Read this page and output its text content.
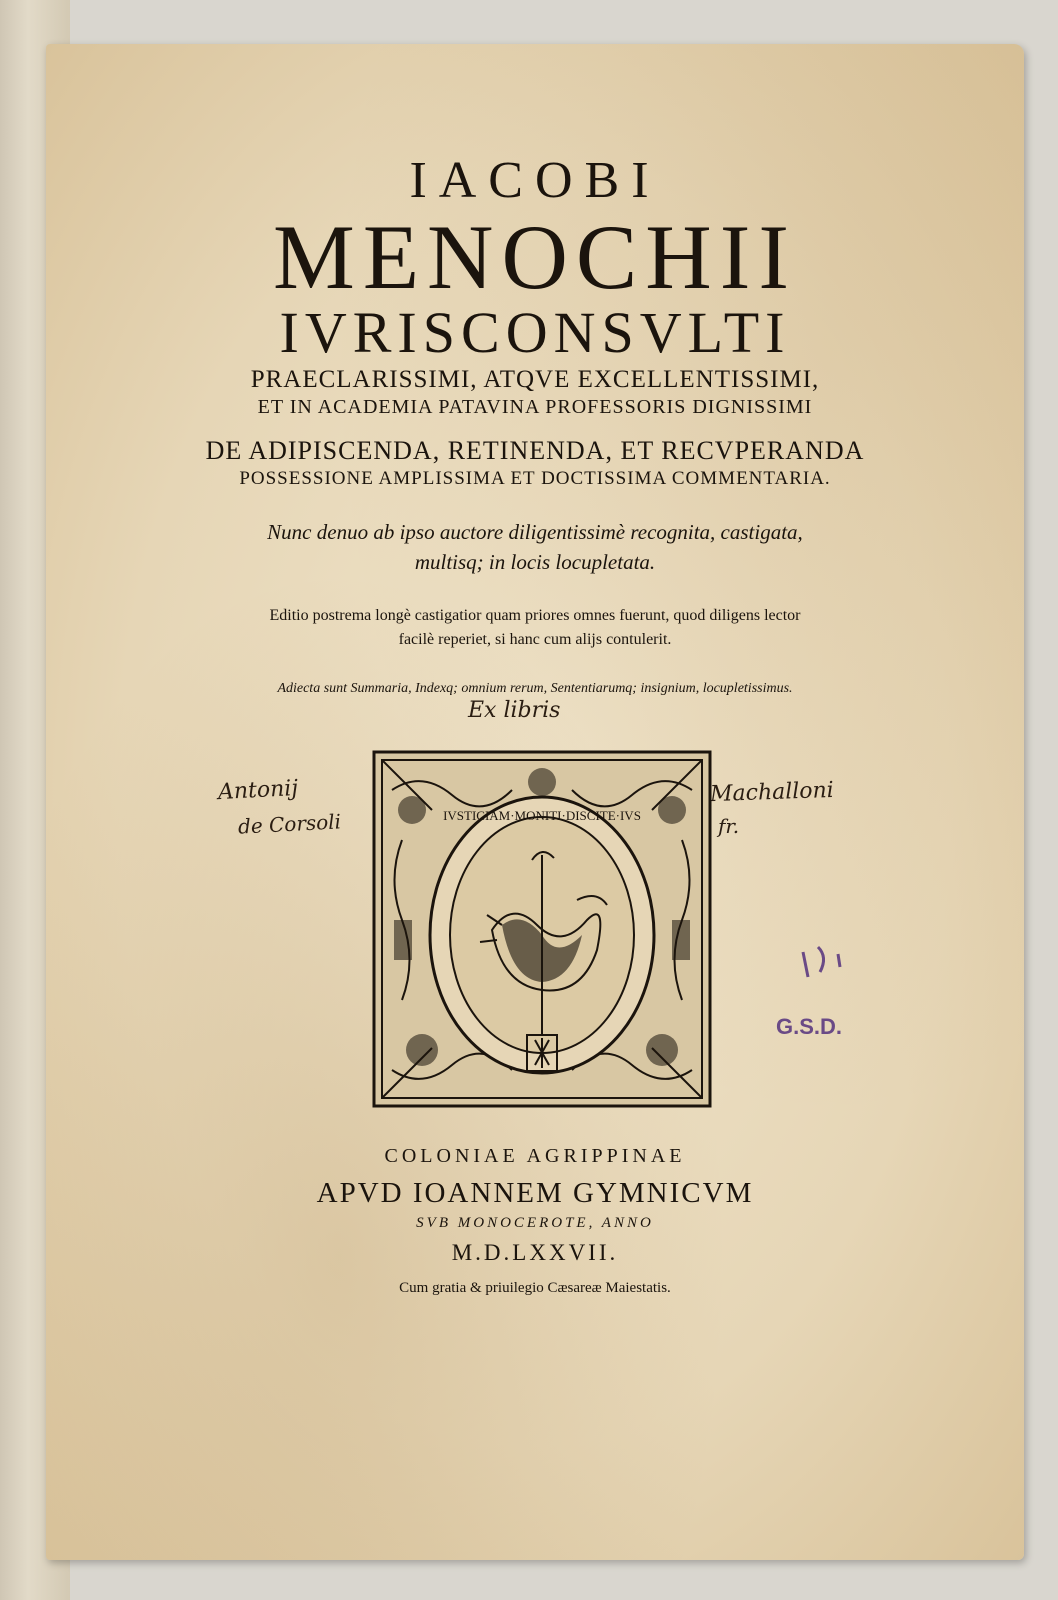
IACOBI
MENOCHII
IVRISCONSVLTI
PRAECLARISSIMI, ATQVE EXCELLENTISSIMI,
ET IN ACADEMIA PATAVINA PROFESSORIS DIGNISSIMI
DE ADIPISCENDA, RETINENDA, ET RECVPERANDA
POSSESSIONE AMPLISSIMA ET DOCTISSIMA COMMENTARIA.
Nunc denuo ab ipso auctore diligentissimè recognita, castigata,
multisq; in locis locupletata.
Editio postrema longè castigatior quam priores omnes fuerunt, quod diligens lector
facilè reperiet, si hanc cum alijs contulerit.
Adiecta sunt Summaria, Indexq; omnium rerum, Sententiarumq; insignium, locupletissimus.
Ex libris
Antonij
de Corsoli
Machalloni
fr.
IVSTICIAM·MONITI·DISCITE·IVS
G.S.D.
COLONIAE AGRIPPINAE
APVD IOANNEM GYMNICVM
SVB MONOCEROTE, ANNO
M.D.LXXVII.
Cum gratia & priuilegio Cæsareæ Maiestatis.
